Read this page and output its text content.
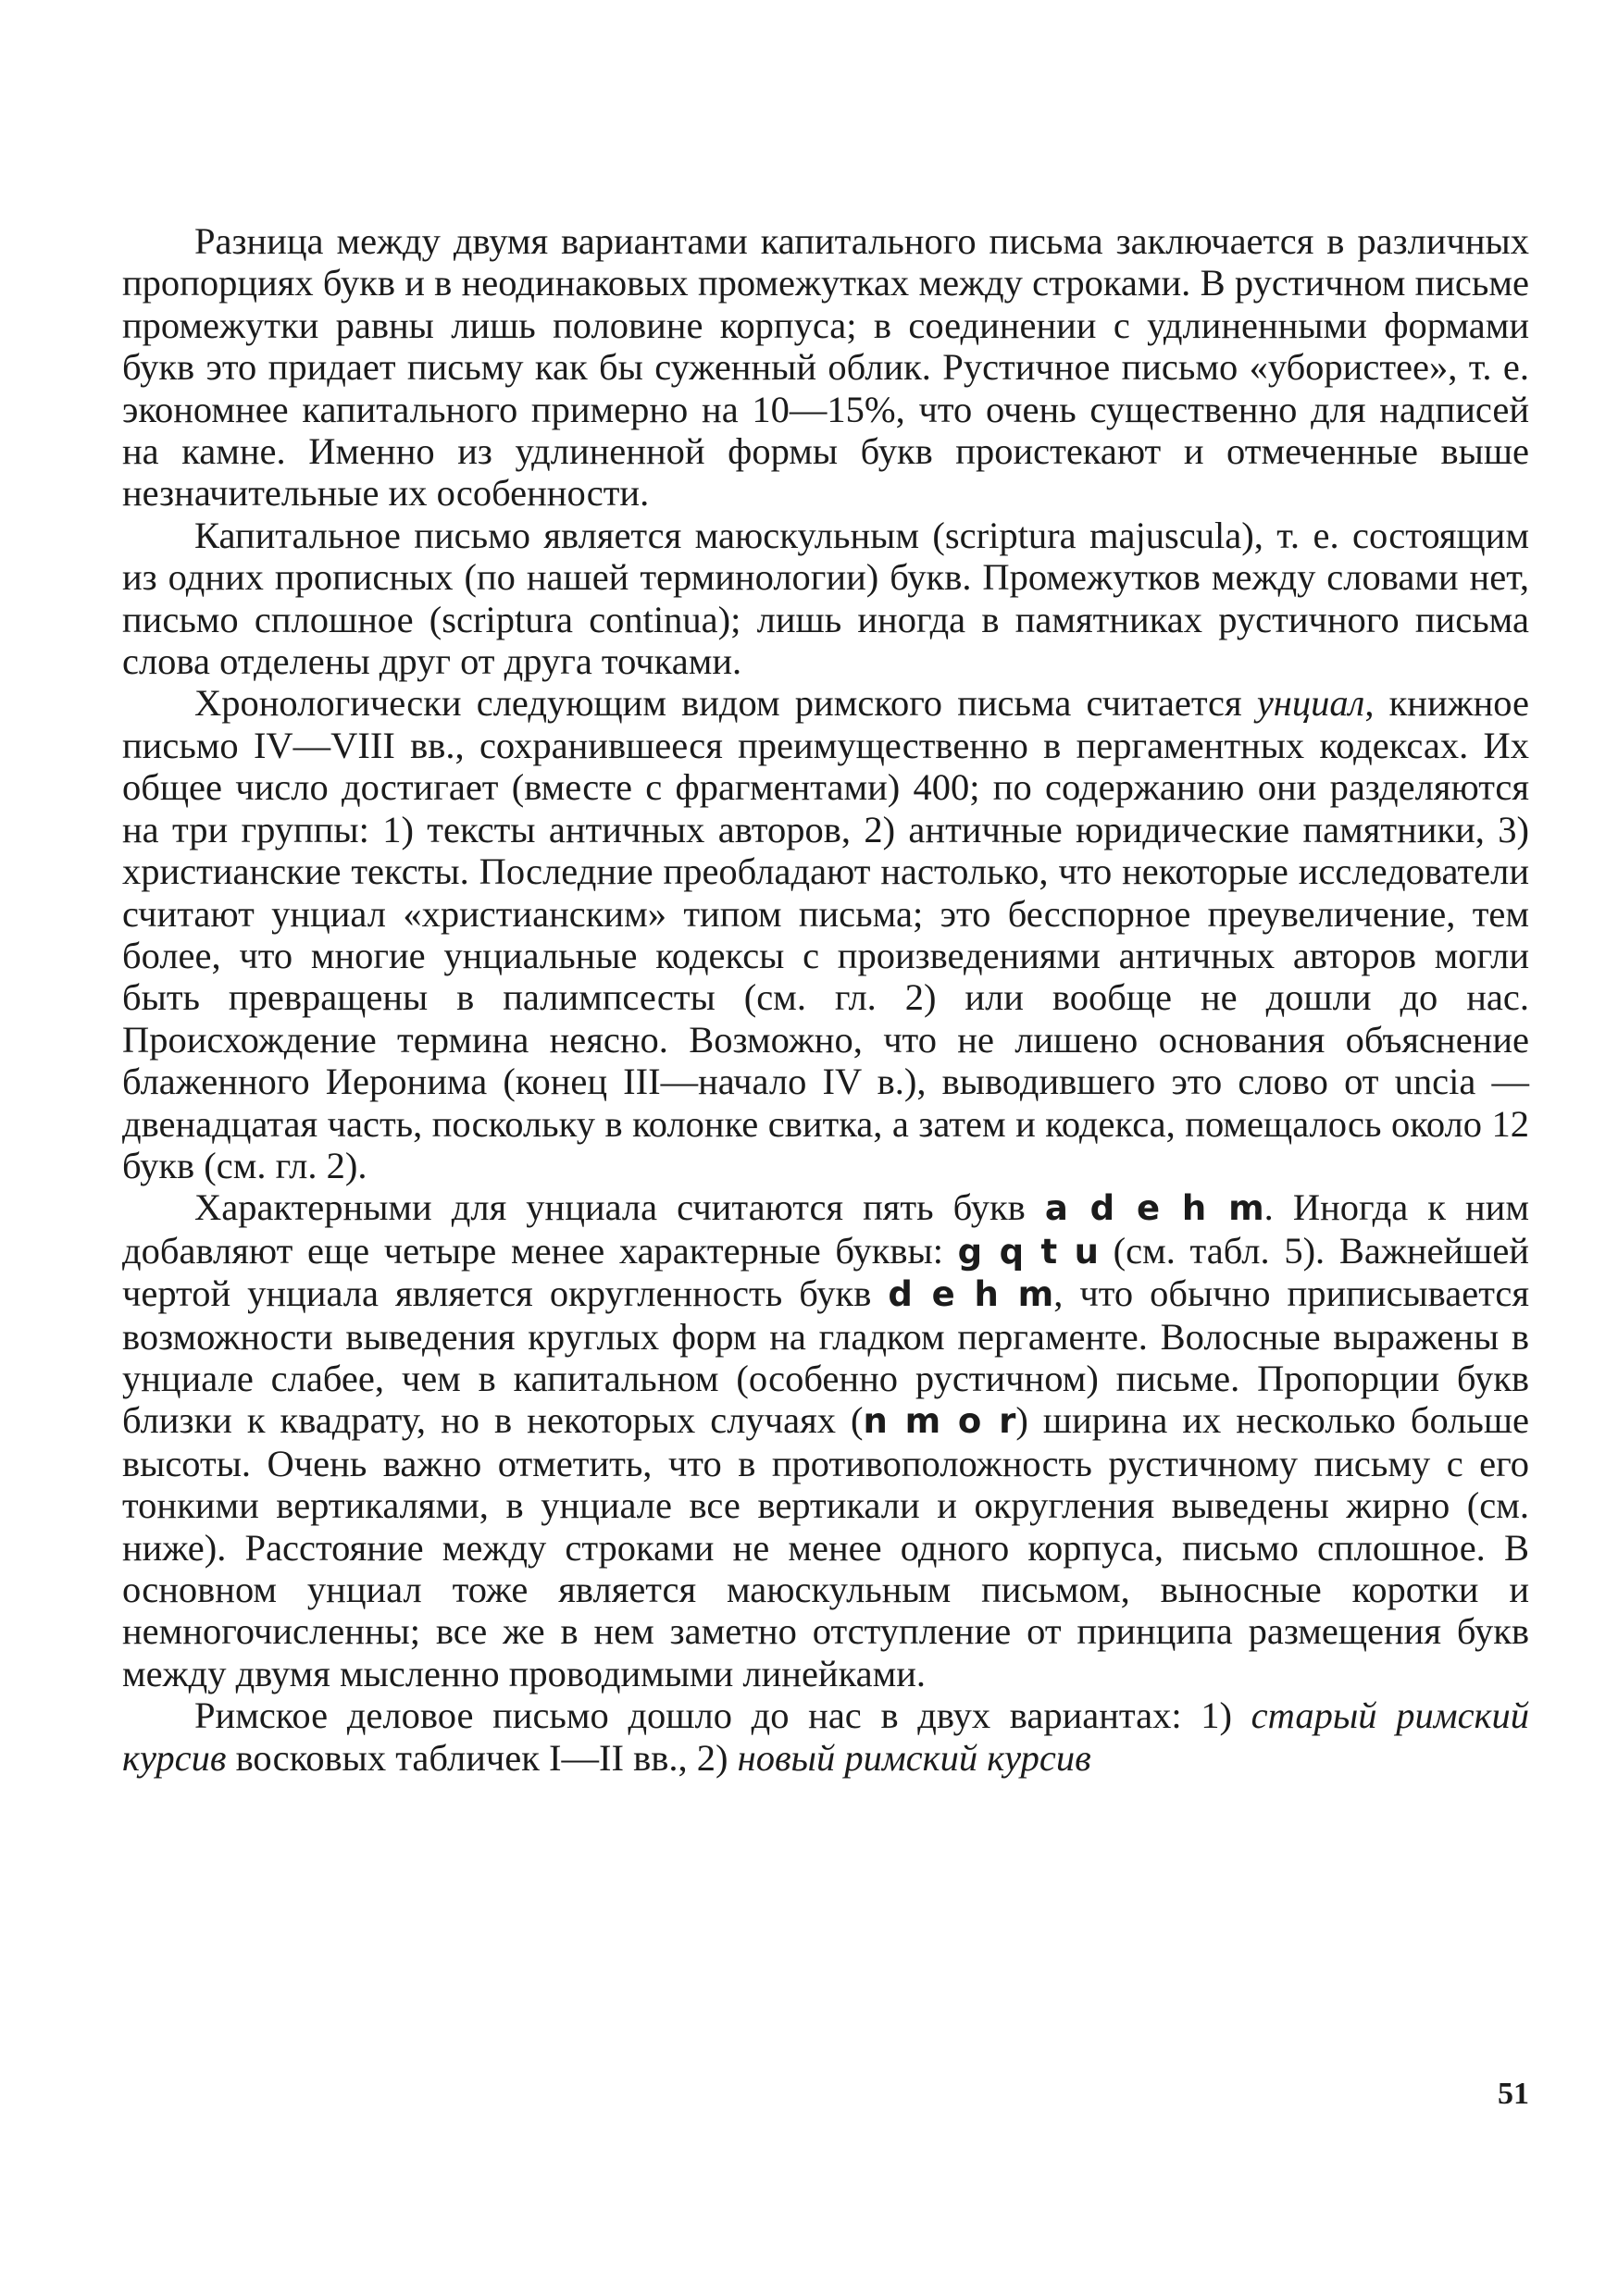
Разница между двумя вариантами капитального письма заключается в различных пропорциях букв и в неодинаковых промежутках между строками. В рустичном письме промежутки равны лишь половине корпуса; в соединении с удлиненными формами букв это придает письму как бы суженный облик. Рустичное письмо «убористее», т. е. экономнее капитального примерно на 10—15%, что очень существенно для надписей на камне. Именно из удлиненной формы букв проистекают и отмеченные выше незначительные их особенности.

Капитальное письмо является маюскульным (scriptura majuscula), т. е. состоящим из одних прописных (по нашей терминологии) букв. Промежутков между словами нет, письмо сплошное (scriptura continua); лишь иногда в памятниках рустичного письма слова отделены друг от друга точками.

Хронологически следующим видом римского письма считается унциал, книжное письмо IV—VIII вв., сохранившееся преимущественно в пергаментных кодексах. Их общее число достигает (вместе с фрагментами) 400; по содержанию они разделяются на три группы: 1) тексты античных авторов, 2) античные юридические памятники, 3) христианские тексты. Последние преобладают настолько, что некоторые исследователи считают унциал «христианским» типом письма; это бесспорное преувеличение, тем более, что многие унциальные кодексы с произведениями античных авторов могли быть превращены в палимпсесты (см. гл. 2) или вообще не дошли до нас. Происхождение термина неясно. Возможно, что не лишено основания объяснение блаженного Иеронима (конец III—начало IV в.), выводившего это слово от uncia — двенадцатая часть, поскольку в колонке свитка, а затем и кодекса, помещалось около 12 букв (см. гл. 2).

Характерными для унциала считаются пять букв a d e h m. Иногда к ним добавляют еще четыре менее характерные буквы: g q t u (см. табл. 5). Важнейшей чертой унциала является округленность букв d e h m, что обычно приписывается возможности выведения круглых форм на гладком пергаменте. Волосные выражены в унциале слабее, чем в капитальном (особенно рустичном) письме. Пропорции букв близки к квадрату, но в некоторых случаях (n m o r) ширина их несколько больше высоты. Очень важно отметить, что в противоположность рустичному письму с его тонкими вертикалями, в унциале все вертикали и округления выведены жирно (см. ниже). Расстояние между строками не менее одного корпуса, письмо сплошное. В основном унциал тоже является маюскульным письмом, выносные коротки и немногочисленны; все же в нем заметно отступление от принципа размещения букв между двумя мысленно проводимыми линейками.

Римское деловое письмо дошло до нас в двух вариантах: 1) старый римский курсив восковых табличек I—II вв., 2) новый римский курсив

51
